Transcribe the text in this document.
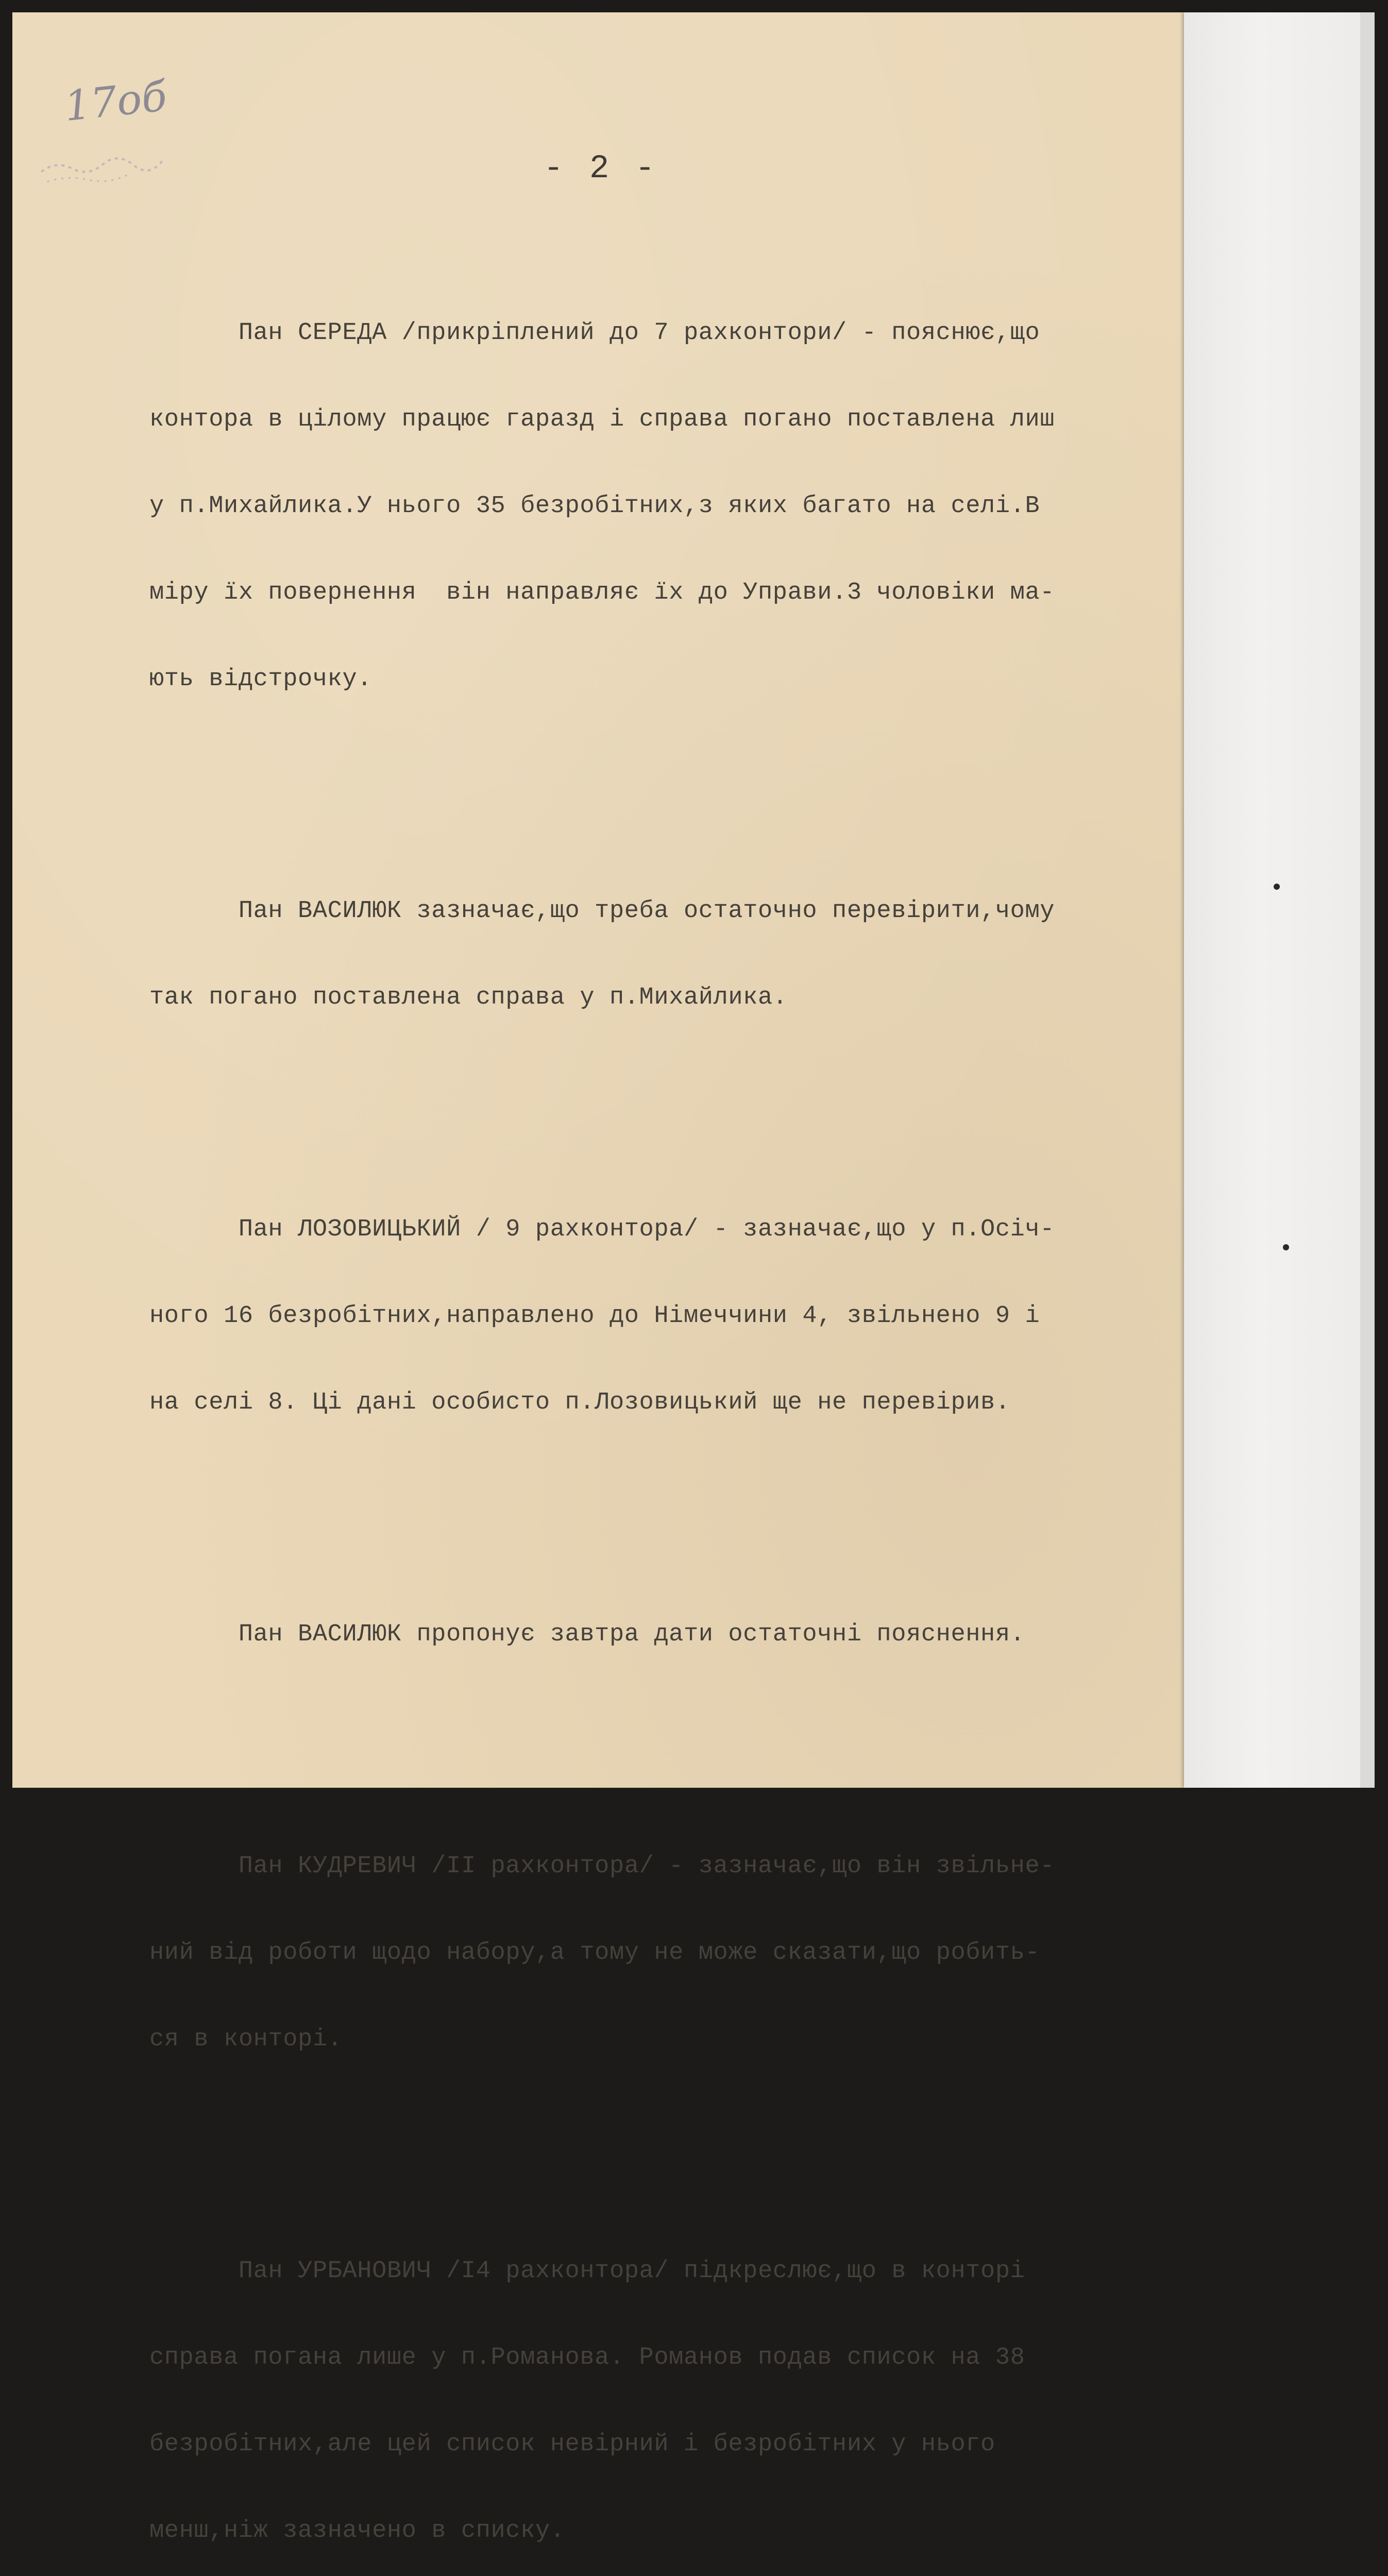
17об
- 2 -

Пан СЕРЕДА /прикріплений до 7 рахконтори/ - пояснює,що

контора в цілому працює гаразд і справа погано поставлена лиш

у п.Михайлика.У нього 35 безробітних,з яких багато на селі.В

міру їх повернення  він направляє їх до Управи.3 чоловіки ма-

ють відстрочку.

Пан ВАСИЛЮК зазначає,що треба остаточно перевірити,чому

так погано поставлена справа у п.Михайлика.

Пан ЛОЗОВИЦЬКИЙ / 9 рахконтора/ - зазначає,що у п.Осіч-

ного 16 безробітних,направлено до Німеччини 4, звільнено 9 і

на селі 8. Ці дані особисто п.Лозовицький ще не перевірив.

Пан ВАСИЛЮК пропонує завтра дати остаточні пояснення.

Пан КУДРЕВИЧ /II рахконтора/ - зазначає,що він звільне-

ний від роботи щодо набору,а тому не може сказати,що робить-

ся в конторі.

Пан УРБАНОВИЧ /I4 рахконтора/ підкреслює,що в конторі

справа погана лише у п.Романова. Романов подав список на 38

безробітних,але цей список невірний і безробітних у нього

менш,ніж зазначено в списку.
